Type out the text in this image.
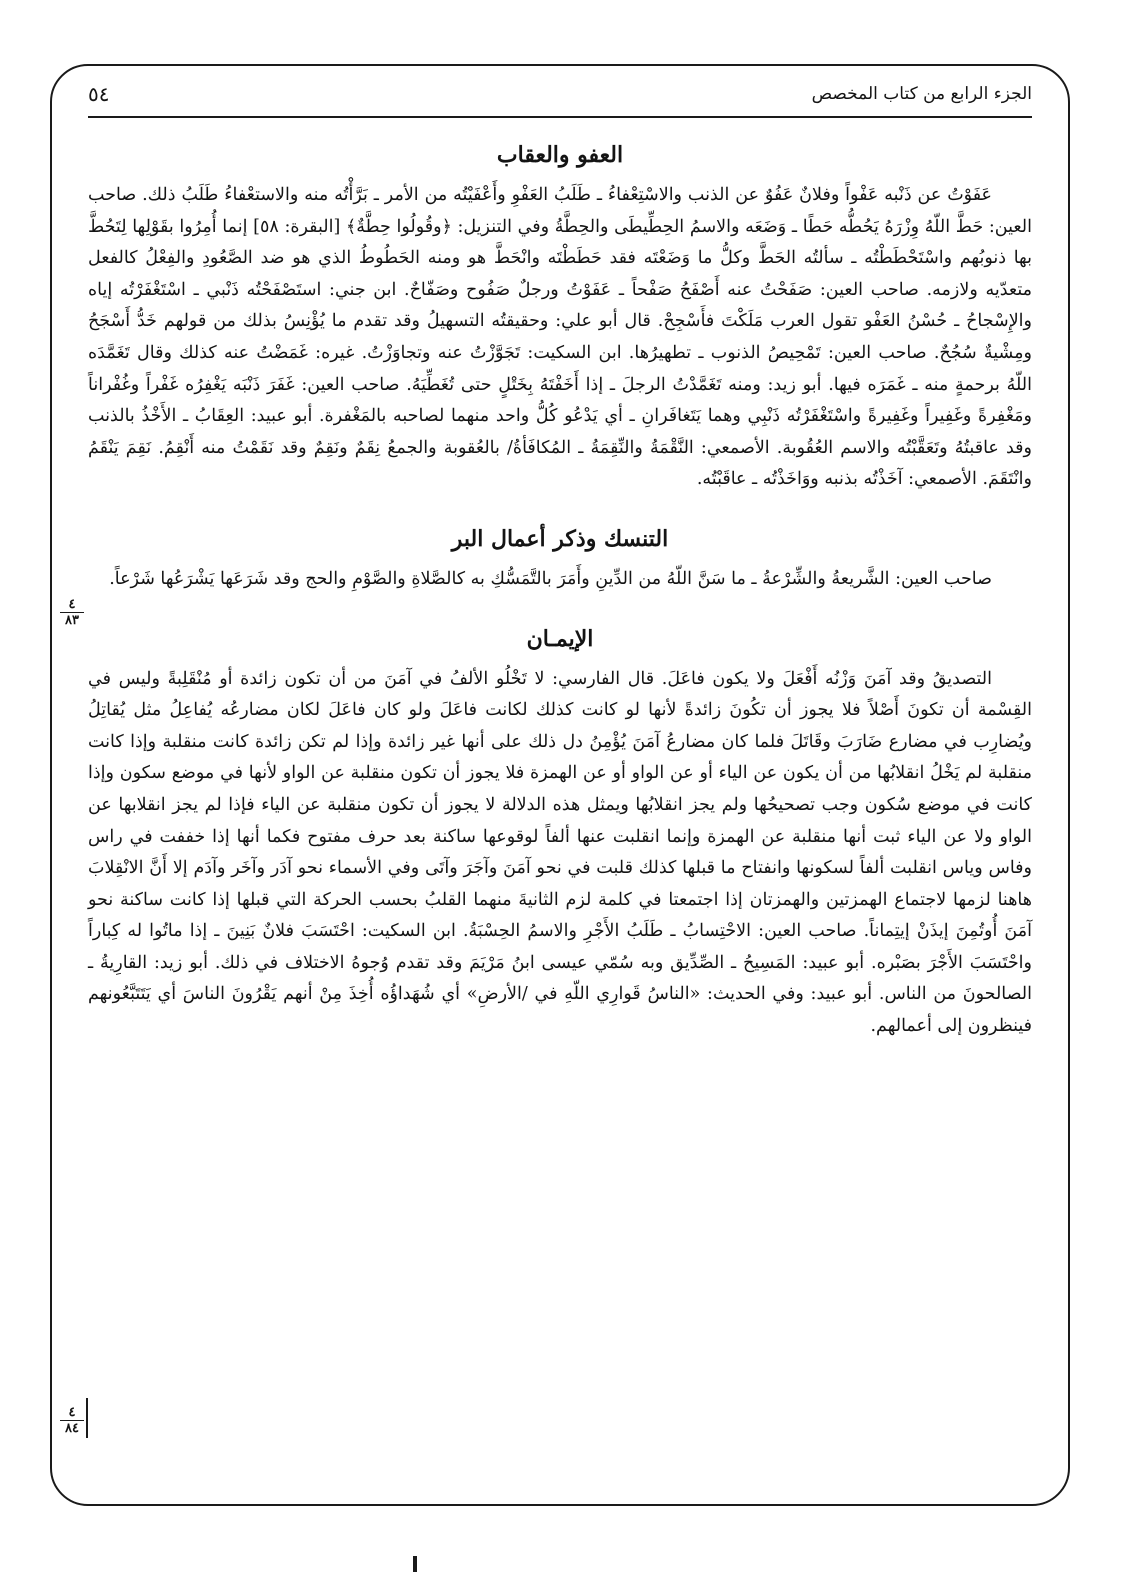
الجزء الرابع من كتاب المخصص
٥٤
العفو والعقاب

عَفَوْتُ عن ذَنْبه عَفْواً وفلانٌ عَفُوٌ عن الذنب والاسْتِعْفاءُ ـ طَلَبُ العَفْوِ وأَعْفَيْتُه من الأمر ـ بَرَّأْتُه منه والاستعْفاءُ طَلَبُ ذلك. صاحب العين: حَطَّ اللّهُ وِزْرَهُ يَحُطُّه حَطًا ـ وَضَعَه والاسمُ الحِطِّيطَى والحِطَّةُ وفي التنزيل: ﴿وقُولُوا حِطَّةٌ﴾ [البقرة: ٥٨] إنما أُمِرُوا بقَوْلِها لِتَحُطَّ بها ذنوبُهم واسْتَحْطَطْتُه ـ سألتُه الحَطَّ وكلُّ ما وَضَعْتَه فقد حَطَطْتَه وانْحَطَّ هو ومنه الحَطُوطُ الذي هو ضد الصَّعُودِ والفِعْلُ كالفعل متعدّيه ولازمه. صاحب العين: صَفَحْتُ عنه أَصْفَحُ صَفْحاً ـ عَفَوْتُ ورجلٌ صَفُوح وصَفّاحٌ. ابن جني: استَصْفَحْتُه ذَنْبي ـ اسْتَغْفَرْتُه إياه والإِسْجاحُ ـ حُسْنُ العَفْو تقول العرب مَلَكْتَ فأَسْجِحْ. قال أبو علي: وحقيقتُه التسهيلُ وقد تقدم ما يُؤْنِسُ بذلك من قولهم خَدُّ أَسْجَحُ ومِشْيةٌ سُجُحٌ. صاحب العين: تَمْحِيصُ الذنوب ـ تطهيرُها. ابن السكيت: تَجَوَّزْتُ عنه وتجاوَزْتُ. غيره: غَمَضْتُ عنه كذلك وقال تَغَمَّدَه اللّهُ برحمةٍ منه ـ غَمَرَه فيها. أبو زيد: ومنه تَغَمَّدْتُ الرجلَ ـ إذا أَخَفْتَهُ بِخَتْلٍ حتى تُغَطِّيَهُ. صاحب العين: غَفَرَ ذَنْبَه يَغْفِرُه غَفْراً وغُفْراناً ومَغْفِرةً وغَفِيراً وغَفِيرةً واسْتَغْفَرْتُه ذَنْبِي وهما يَتَغافَرانِ ـ أي يَدْعُو كُلُّ واحد منهما لصاحبه بالمَغْفرة. أبو عبيد: العِقَابُ ـ الأَخْذُ بالذنب وقد عاقبتُهُ وتَعَقَّبْتُه والاسم العُقُوبة. الأصمعي: النَّقْمَةُ والنِّقِمَةُ ـ المُكافَأةُ/ بالعُقوبة والجمعُ نِقَمٌ ونَقِمٌ وقد نَقَمْتُ منه أَنْقِمُ. نَقِمَ يَنْقَمُ وانْتَقَمَ. الأصمعي: آخَذْتُه بذنبه ووَاخَذْتُه ـ عاقَبْتُه.

التنسك وذكر أعمال البر

صاحب العين: الشَّريعةُ والشِّرْعةُ ـ ما سَنَّ اللّهُ من الدِّينِ وأَمَرَ بالتَّمَسُّكِ به كالصَّلاةِ والصَّوْمِ والحج وقد شَرَعَها يَشْرَعُها شَرْعاً.

الإيمـان

التصديقُ وقد آمَنَ وَزْنُه أَفْعَلَ ولا يكون فاعَلَ. قال الفارسي: لا تَخْلُو الألفُ في آمَنَ من أن تكون زائدة أو مُنْقَلِبةً وليس في القِسْمة أن تكونَ أَصْلاً فلا يجوز أن تكُونَ زائدةً لأنها لو كانت كذلك لكانت فاعَلَ ولو كان فاعَلَ لكان مضارعُه يُفاعِلُ مثل يُقاتِلُ ويُضارِب في مضارع ضَارَبَ وقَاتَلَ فلما كان مضارعُ آمَنَ يُؤْمِنُ دل ذلك على أنها غير زائدة وإذا لم تكن زائدة كانت منقلبة وإذا كانت منقلبة لم يَخْلُ انقلابُها من أن يكون عن الياء أو عن الواو أو عن الهمزة فلا يجوز أن تكون منقلبة عن الواو لأنها في موضع سكون وإذا كانت في موضع سُكون وجب تصحيحُها ولم يجز انقلابُها ويمثل هذه الدلالة لا يجوز أن تكون منقلبة عن الياء فإذا لم يجز انقلابها عن الواو ولا عن الياء ثبت أنها منقلبة عن الهمزة وإنما انقلبت عنها ألفاً لوقوعها ساكنة بعد حرف مفتوح فكما أنها إذا خففت في راس وفاس وياس انقلبت ألفاً لسكونها وانفتاح ما قبلها كذلك قلبت في نحو آمَنَ وآجَرَ وآتَى وفي الأسماء نحو آدَر وآخَر وآدَم إلا أَنَّ الانْقِلابَ هاهنا لزمها لاجتماع الهمزتين والهمزتان إذا اجتمعتا في كلمة لزم الثانيةَ منهما القلبُ بحسب الحركة التي قبلها إذا كانت ساكنة نحو آمَنَ أُوتُمِنَ إيذَنْ إيتِماناً. صاحب العين: الاحْتِسابُ ـ طَلَبُ الأَجْرِ والاسمُ الحِسْبَةُ. ابن السكيت: احْتَسَبَ فلانٌ بَنِينَ ـ إذا ماتُوا له كِباراً واحْتَسَبَ الأَجْرَ بصَبْره. أبو عبيد: المَسِيحُ ـ الصِّدِّيق وبه سُمّي عيسى ابنُ مَرْيَمَ وقد تقدم وُجوهُ الاختلاف في ذلك. أبو زيد: القارِيةُ ـ الصالحونَ من الناس. أبو عبيد: وفي الحديث: «الناسُ قَوارِي اللّهِ في /الأرضِ» أي شُهَداؤُه أُخِذَ مِنْ أنهم يَقْرُونَ الناسَ أي يَتَتَبَّعُونهم فينظرون إلى أعمالهم.

٤
٨٣
٤
٨٤
